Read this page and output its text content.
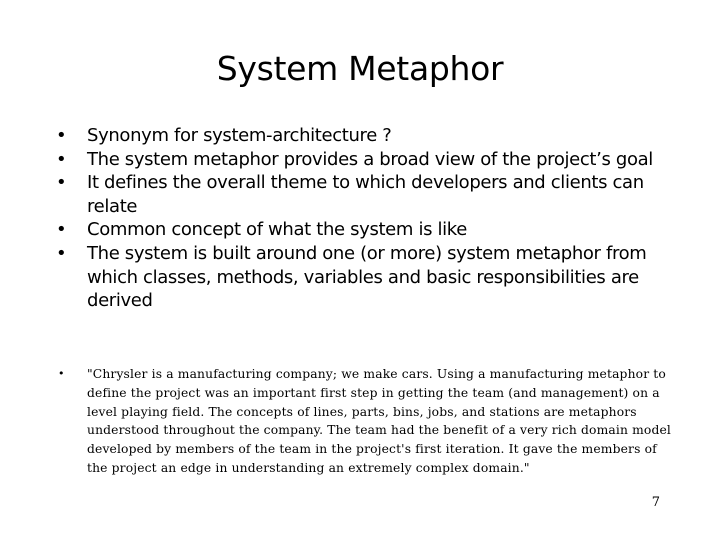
System Metaphor
• Synonym for system-architecture ?
• The system metaphor provides a broad view of the project’s goal
• It defines the overall theme to which developers and clients can relate
• Common concept of what the system is like
• The system is built around one (or more) system metaphor from which classes, methods, variables and basic responsibilities are derived
• "Chrysler is a manufacturing company; we make cars. Using a manufacturing metaphor to define the project was an important first step in getting the team (and management) on a level playing field. The concepts of lines, parts, bins, jobs, and stations are metaphors understood throughout the company. The team had the benefit of a very rich domain model developed by members of the team in the project's first iteration. It gave the members of the project an edge in understanding an extremely complex domain."
7
